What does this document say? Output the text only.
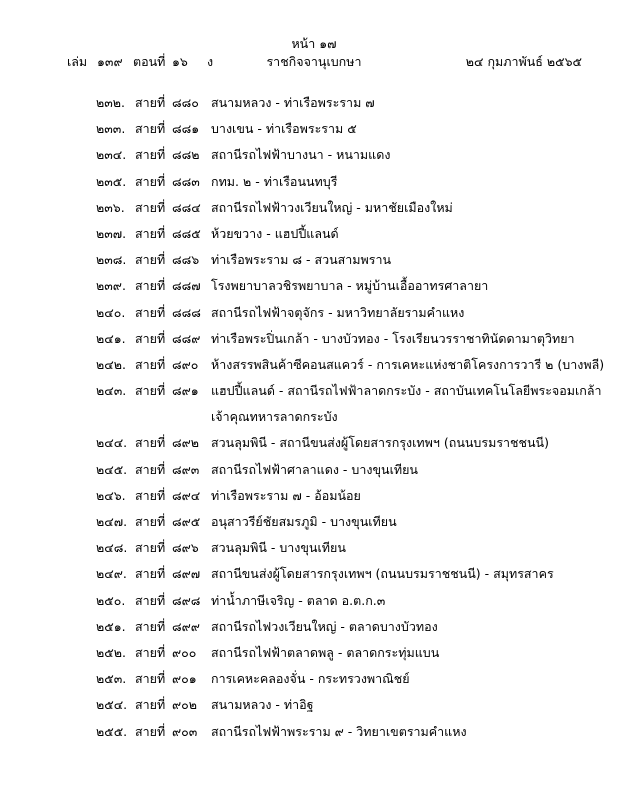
หน้า ๑๗
เล่ม ๑๓๙ ตอนที่ ๑๖ ง	ราชกิจจานุเบกษา	๒๔ กุมภาพันธ์ ๒๕๖๕
๒๓๒. สายที่ ๘๘๐ สนามหลวง - ท่าเรือพระราม ๗
๒๓๓. สายที่ ๘๘๑ บางเขน - ท่าเรือพระราม ๕
๒๓๔. สายที่ ๘๘๒ สถานีรถไฟฟ้าบางนา - หนามแดง
๒๓๕. สายที่ ๘๘๓ กทม. ๒ - ท่าเรือนนทบุรี
๒๓๖. สายที่ ๘๘๔ สถานีรถไฟฟ้าวงเวียนใหญ่ - มหาชัยเมืองใหม่
๒๓๗. สายที่ ๘๘๕ ห้วยขวาง - แฮปปี้แลนด์
๒๓๘. สายที่ ๘๘๖ ท่าเรือพระราม ๘ - สวนสามพราน
๒๓๙. สายที่ ๘๘๗ โรงพยาบาลวชิรพยาบาล - หมู่บ้านเอื้ออาทรศาลายา
๒๔๐. สายที่ ๘๘๘ สถานีรถไฟฟ้าจตุจักร - มหาวิทยาลัยรามคำแหง
๒๔๑. สายที่ ๘๘๙ ท่าเรือพระปิ่นเกล้า - บางบัวทอง - โรงเรียนวรราชาทินัดดามาตุวิทยา
๒๔๒. สายที่ ๘๙๐ ห้างสรรพสินค้าซีคอนสแควร์ - การเคหะแห่งชาติโครงการวารี ๒ (บางพลี)
๒๔๓. สายที่ ๘๙๑ แฮปปี้แลนด์ - สถานีรถไฟฟ้าลาดกระบัง - สถาบันเทคโนโลยีพระจอมเกล้า
เจ้าคุณทหารลาดกระบัง
๒๔๔. สายที่ ๘๙๒ สวนลุมพินี - สถานีขนส่งผู้โดยสารกรุงเทพฯ (ถนนบรมราชชนนี)
๒๔๕. สายที่ ๘๙๓ สถานีรถไฟฟ้าศาลาแดง - บางขุนเทียน
๒๔๖. สายที่ ๘๙๔ ท่าเรือพระราม ๗ - อ้อมน้อย
๒๔๗. สายที่ ๘๙๕ อนุสาวรีย์ชัยสมรภูมิ - บางขุนเทียน
๒๔๘. สายที่ ๘๙๖ สวนลุมพินี - บางขุนเทียน
๒๔๙. สายที่ ๘๙๗ สถานีขนส่งผู้โดยสารกรุงเทพฯ (ถนนบรมราชชนนี) - สมุทรสาคร
๒๕๐. สายที่ ๘๙๘ ท่าน้ำภาษีเจริญ - ตลาด อ.ต.ก.๓
๒๕๑. สายที่ ๘๙๙ สถานีรถไฟวงเวียนใหญ่ - ตลาดบางบัวทอง
๒๕๒. สายที่ ๙๐๐ สถานีรถไฟฟ้าตลาดพลู - ตลาดกระทุ่มแบน
๒๕๓. สายที่ ๙๐๑ การเคหะคลองจั่น - กระทรวงพาณิชย์
๒๕๔. สายที่ ๙๐๒ สนามหลวง - ท่าอิฐ
๒๕๕. สายที่ ๙๐๓ สถานีรถไฟฟ้าพระราม ๙ - วิทยาเขตรามคำแหง
